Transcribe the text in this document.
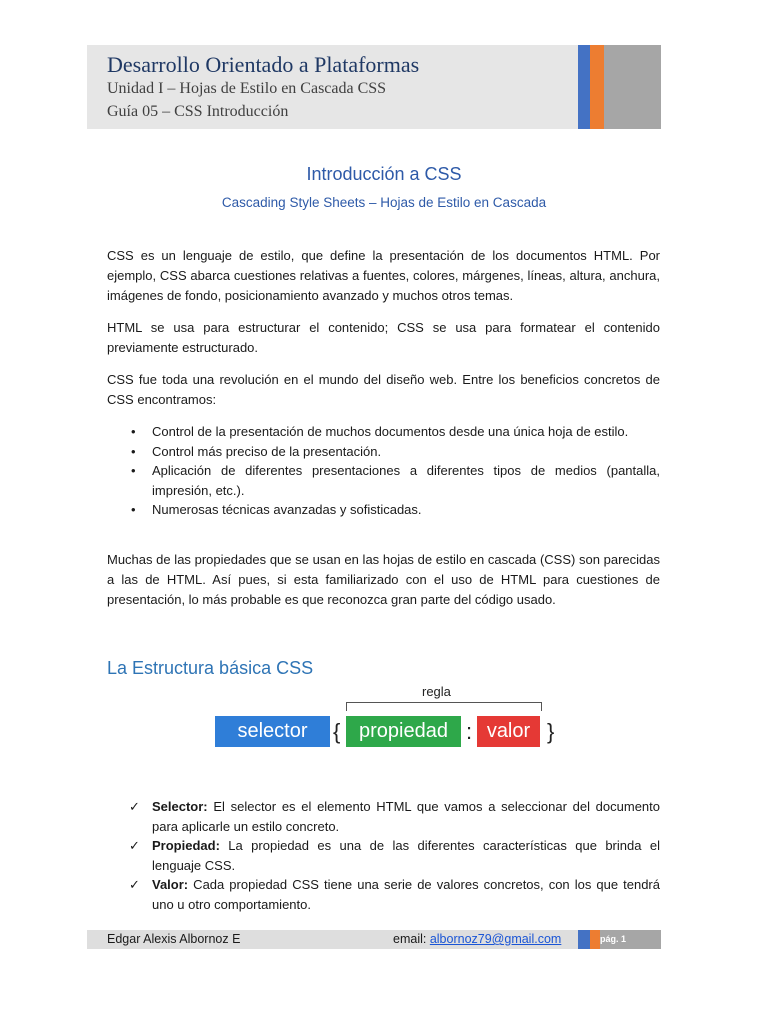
Desarrollo Orientado a Plataformas
Unidad I – Hojas de Estilo en Cascada CSS
Guía 05 – CSS Introducción
Introducción a CSS
Cascading Style Sheets – Hojas de Estilo en Cascada

CSS es un lenguaje de estilo, que define la presentación de los documentos HTML. Por ejemplo, CSS abarca cuestiones relativas a fuentes, colores, márgenes, líneas, altura, anchura, imágenes de fondo, posicionamiento avanzado y muchos otros temas.

HTML se usa para estructurar el contenido; CSS se usa para formatear el contenido previamente estructurado.

CSS fue toda una revolución en el mundo del diseño web. Entre los beneficios concretos de CSS encontramos:

• Control de la presentación de muchos documentos desde una única hoja de estilo.
• Control más preciso de la presentación.
• Aplicación de diferentes presentaciones a diferentes tipos de medios (pantalla, impresión, etc.).
• Numerosas técnicas avanzadas y sofisticadas.

Muchas de las propiedades que se usan en las hojas de estilo en cascada (CSS) son parecidas a las de HTML. Así pues, si esta familiarizado con el uso de HTML para cuestiones de presentación, lo más probable es que reconozca gran parte del código usado.

La Estructura básica CSS
regla
selector	{ propiedad : valor }
✓ Selector: El selector es el elemento HTML que vamos a seleccionar del documento para aplicarle un estilo concreto.
✓ Propiedad: La propiedad es una de las diferentes características que brinda el lenguaje CSS.
✓ Valor: Cada propiedad CSS tiene una serie de valores concretos, con los que tendrá uno u otro comportamiento.
Edgar Alexis Albornoz E	email: albornoz79@gmail.com	pág. 1
